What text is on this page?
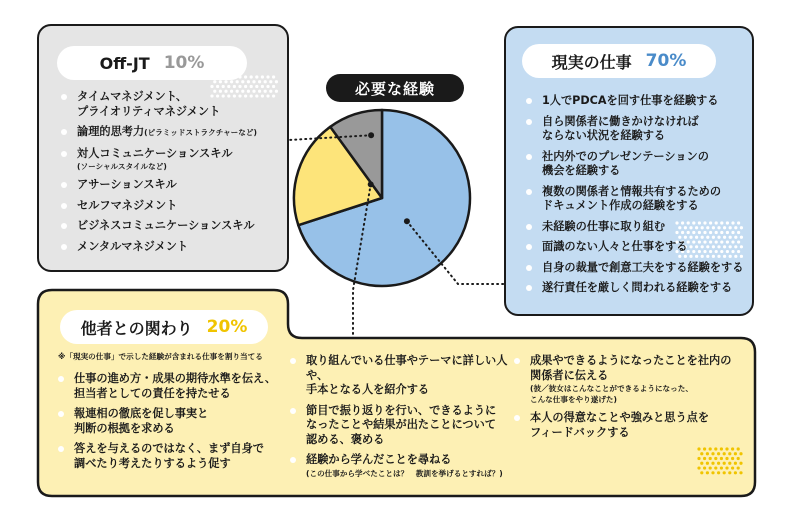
Off-JT 10%
タイムマネジメント、
プライオリティマネジメント
論理的思考力(ピラミッドストラクチャーなど)
対人コミュニケーションスキル
(ソーシャルスタイルなど)
アサーションスキル
セルフマネジメント
ビジネスコミュニケーションスキル
メンタルマネジメント
現実の仕事 70%
1人でPDCAを回す仕事を経験する
自ら関係者に働きかけなければ
ならない状況を経験する
社内外でのプレゼンテーションの
機会を経験する
複数の関係者と情報共有するための
ドキュメント作成の経験をする
未経験の仕事に取り組む
面識のない人々と仕事をする
自身の裁量で創意工夫をする経験をする
遂行責任を厳しく問われる経験をする
他者との関わり 20%
※「現実の仕事」で示した経験が含まれる仕事を割り当てる
仕事の進め方・成果の期待水準を伝え、
担当者としての責任を持たせる
報連相の徹底を促し事実と
判断の根拠を求める
答えを与えるのではなく、まず自身で
調べたり考えたりするよう促す
取り組んでいる仕事やテーマに詳しい人や、
手本となる人を紹介する
節目で振り返りを行い、できるように
なったことや結果が出たことについて
認める、褒める
経験から学んだことを尋ねる
(この仕事から学べたことは？　教訓を挙げるとすれば？)
成果やできるようになったことを社内の
関係者に伝える
(彼／彼女はこんなことができるようになった、
こんな仕事をやり遂げた)
本人の得意なことや強みと思う点を
フィードバックする
必要な経験
